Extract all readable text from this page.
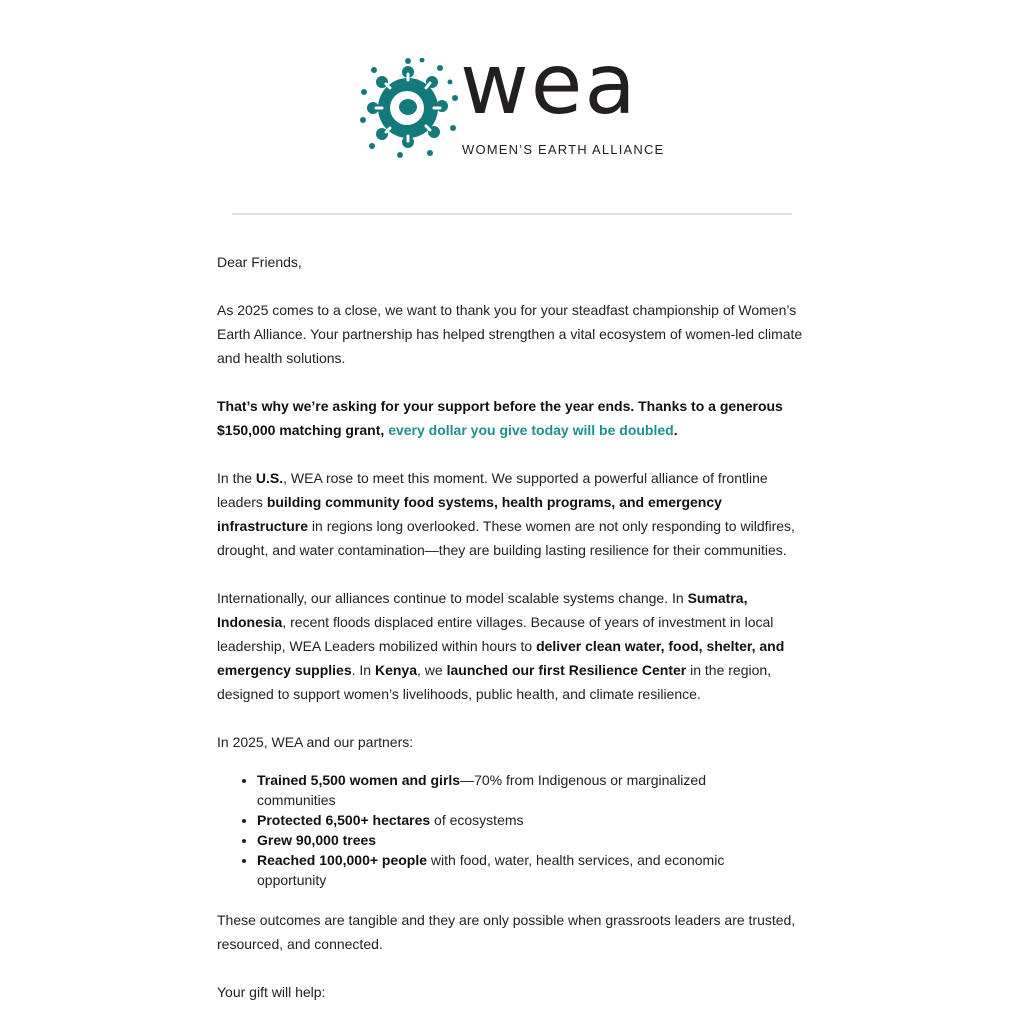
wea
WOMEN’S EARTH ALLIANCE

Dear Friends,

As 2025 comes to a close, we want to thank you for your steadfast championship of Women’s Earth Alliance. Your partnership has helped strengthen a vital ecosystem of women-led climate and health solutions.

That’s why we’re asking for your support before the year ends. Thanks to a generous $150,000 matching grant, every dollar you give today will be doubled.

In the U.S., WEA rose to meet this moment. We supported a powerful alliance of frontline leaders building community food systems, health programs, and emergency infrastructure in regions long overlooked. These women are not only responding to wildfires, drought, and water contamination—they are building lasting resilience for their communities.

Internationally, our alliances continue to model scalable systems change. In Sumatra, Indonesia, recent floods displaced entire villages. Because of years of investment in local leadership, WEA Leaders mobilized within hours to deliver clean water, food, shelter, and emergency supplies. In Kenya, we launched our first Resilience Center in the region, designed to support women’s livelihoods, public health, and climate resilience.

In 2025, WEA and our partners:

• Trained 5,500 women and girls—70% from Indigenous or marginalized communities
• Protected 6,500+ hectares of ecosystems
• Grew 90,000 trees
• Reached 100,000+ people with food, water, health services, and economic opportunity

These outcomes are tangible and they are only possible when grassroots leaders are trusted, resourced, and connected.

Your gift will help:
